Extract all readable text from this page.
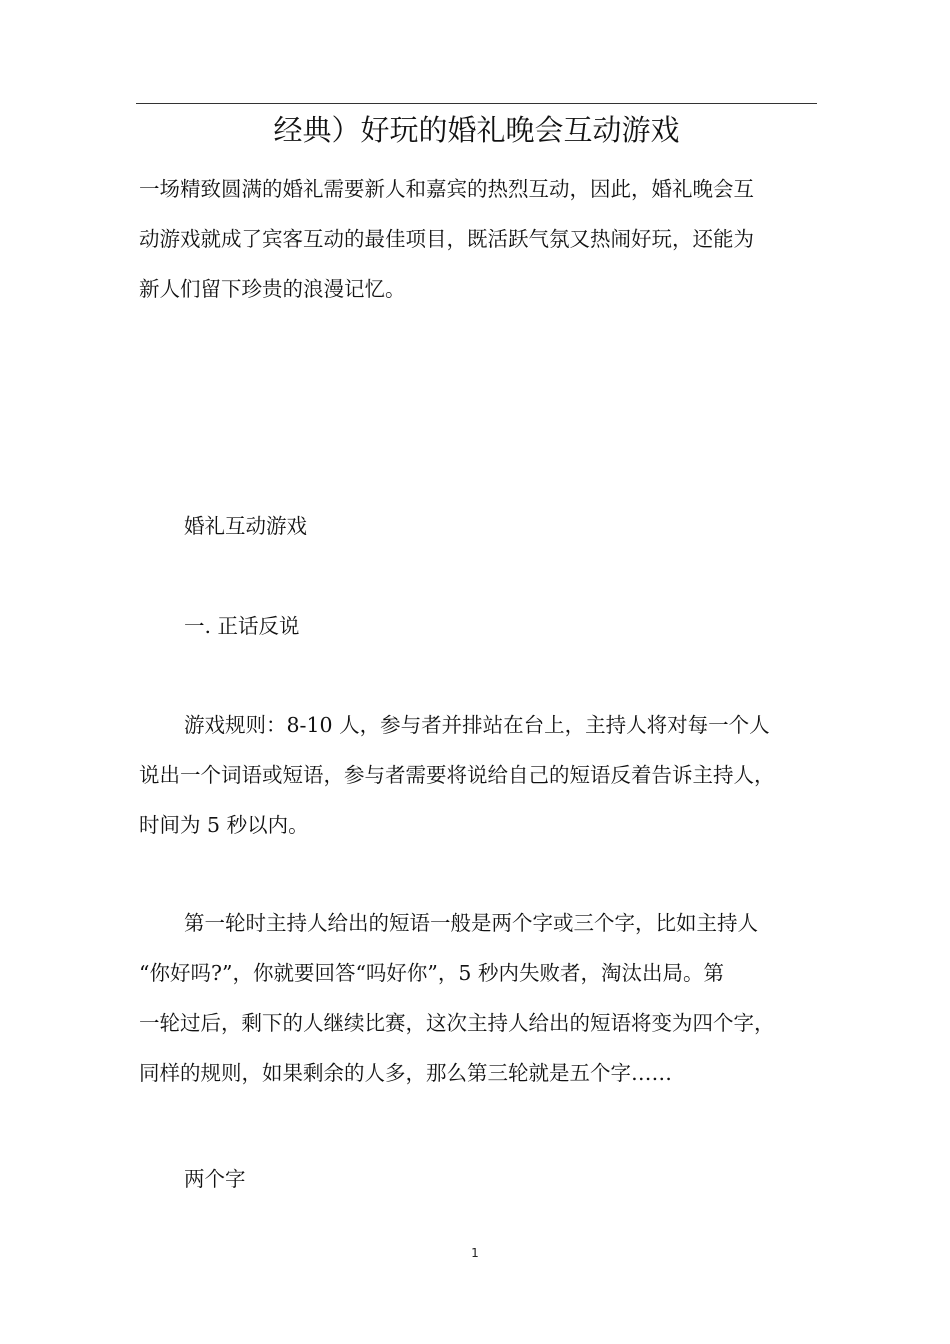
经典）好玩的婚礼晚会互动游戏
一场精致圆满的婚礼需要新人和嘉宾的热烈互动，因此，婚礼晚会互
动游戏就成了宾客互动的最佳项目，既活跃气氛又热闹好玩，还能为
新人们留下珍贵的浪漫记忆。
婚礼互动游戏
一. 正话反说
游戏规则：8-10 人，参与者并排站在台上，主持人将对每一个人
说出一个词语或短语，参与者需要将说给自己的短语反着告诉主持人，
时间为 5 秒以内。
第一轮时主持人给出的短语一般是两个字或三个字，比如主持人
“你好吗?”，你就要回答“吗好你”，5 秒内失败者，淘汰出局。第
一轮过后，剩下的人继续比赛，这次主持人给出的短语将变为四个字，
同样的规则，如果剩余的人多，那么第三轮就是五个字……
两个字
1
